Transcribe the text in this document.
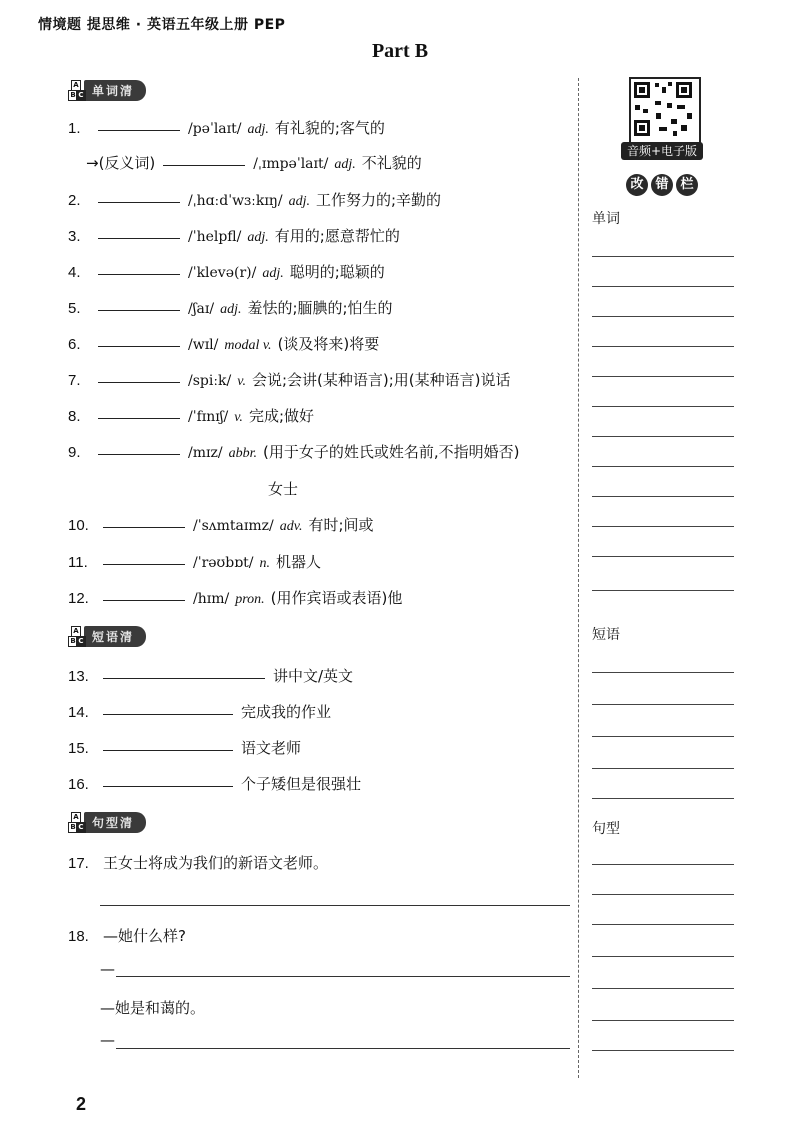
情境题 提思维 · 英语五年级上册 PEP
Part B
A
B C 单词清
1.	/pəˈlaɪt/ adj. 有礼貌的;客气的
→(反义词)	/ˌɪmpəˈlaɪt/ adj. 不礼貌的
2.	/ˌhɑːdˈwɜːkɪŋ/ adj. 工作努力的;辛勤的
3.	/ˈhelpfl/ adj. 有用的;愿意帮忙的
4.	/ˈklevə(r)/ adj. 聪明的;聪颖的
5.	/ʃaɪ/ adj. 羞怯的;腼腆的;怕生的
6.	/wɪl/ modal v. (谈及将来)将要
7.	/spiːk/ v. 会说;会讲(某种语言);用(某种语言)说话
8.	/ˈfɪnɪʃ/ v. 完成;做好
9.	/mɪz/ abbr. (用于女子的姓氏或姓名前,不指明婚否)
女士
10.	/ˈsʌmtaɪmz/ adv. 有时;间或
11.	/ˈrəʊbɒt/ n. 机器人
12.	/hɪm/ pron. (用作宾语或表语)他
A
B C 短语清
13.	讲中文/英文
14.	完成我的作业
15.	语文老师
16.	个子矮但是很强壮
A
B C 句型清
17. 王女士将成为我们的新语文老师。
18. —她什么样?
—
—她是和蔼的。
—
音频+电子版
改 错 栏
单词
短语
句型
2
